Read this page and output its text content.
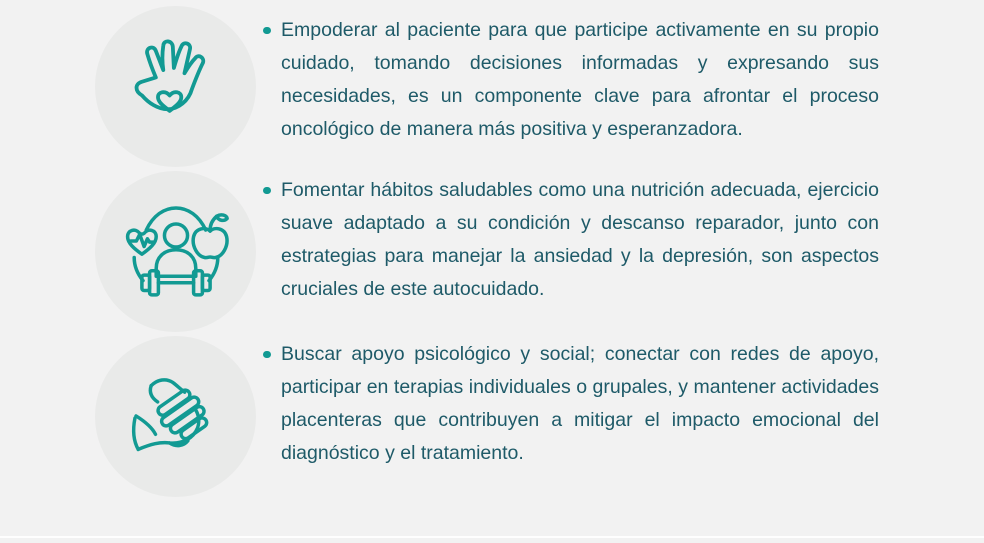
Empoderar al paciente para que participe activamente en su propio cuidado, tomando decisiones informadas y expresando sus necesidades, es un componente clave para afrontar el proceso oncológico de manera más positiva y esperanzadora.

Fomentar hábitos saludables como una nutrición adecuada, ejercicio suave adaptado a su condición y descanso reparador, junto con estrategias para manejar la ansiedad y la depresión, son aspectos cruciales de este autocuidado.

Buscar apoyo psicológico y social; conectar con redes de apoyo, participar en terapias individuales o grupales, y mantener actividades placenteras que contribuyen a mitigar el impacto emocional del diagnóstico y el tratamiento.
